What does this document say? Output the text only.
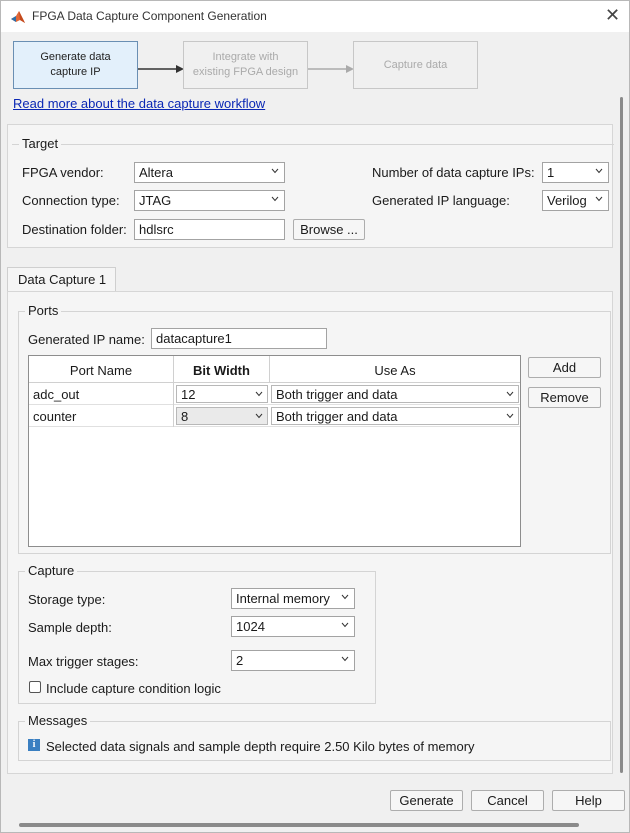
FPGA Data Capture Component Generation	✕
Generate data
capture IP
Integrate with
existing FPGA design
Capture data
Read more about the data capture workflow
Target
FPGA vendor:	Altera
Connection type:	JTAG
Destination folder: hdlsrc	Browse ...
Number of data capture IPs: 1
Generated IP language:	Verilog
Data Capture 1
Ports
Generated IP name: datacapture1
Port Name	Bit Width	Use As
adc_out	12	Both trigger and data
counter	8	Both trigger and data
Add
Remove
Capture
Storage type:	Internal memory
Sample depth:	1024
Max trigger stages:	2
Include capture condition logic
Messages
i Selected data signals and sample depth require 2.50 Kilo bytes of memory
Generate	Cancel	Help
